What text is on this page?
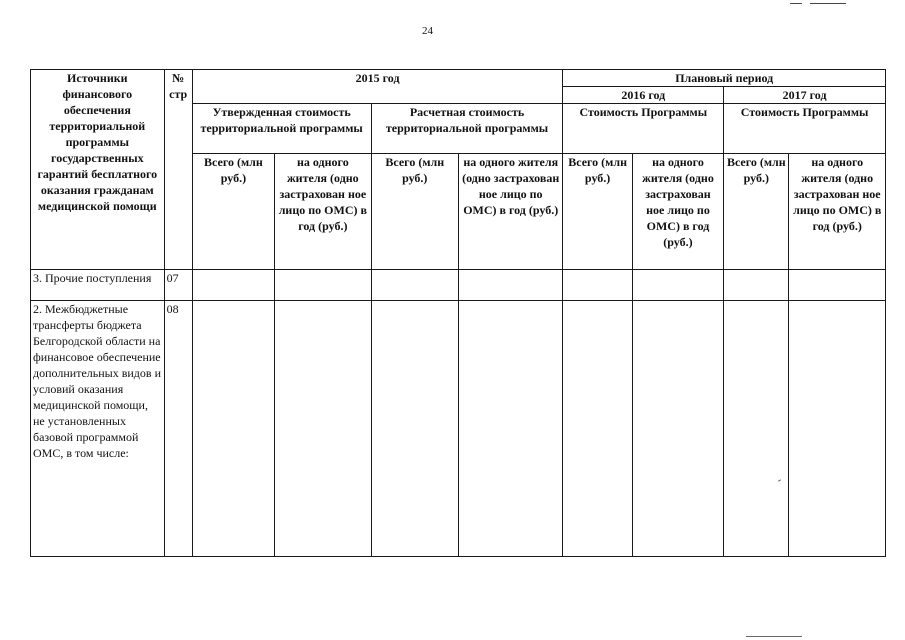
24
Источники финансового обеспечения территориальной программы государственных гарантий бесплатного оказания гражданам медицинской помощи	№ стр	2015 год				Плановый период			
						2016 год		2017 год	
		Утвержденная стоимость территориальной программы		Расчетная стоимость территориальной программы		Стоимость Программы		Стоимость Программы	
		Всего (млн руб.)	на одного жителя (одно застрахован ное лицо по ОМС) в год (руб.)	Всего (млн руб.)	на одного жителя (одно застрахован ное лицо по ОМС) в год (руб.)	Всего (млн руб.)	на одного жителя (одно застрахован ное лицо по ОМС) в год (руб.)	Всего (млн руб.)	на одного жителя (одно застрахован ное лицо по ОМС) в год (руб.)
3. Прочие поступления	07								
2. Межбюджетные трансферты бюджета Белгородской области на финансовое обеспечение дополнительных видов и условий оказания медицинской помощи, не установленных базовой программой ОМС, в том числе:	08								
